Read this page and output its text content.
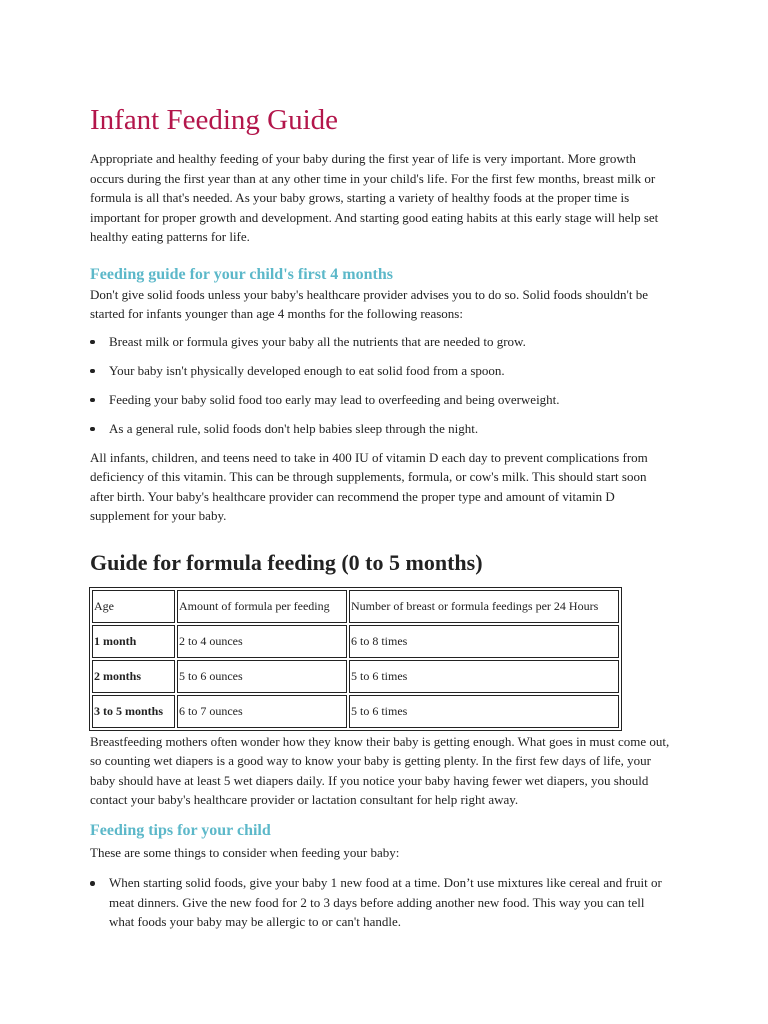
Infant Feeding Guide

Appropriate and healthy feeding of your baby during the first year of life is very important. More growth occurs during the first year than at any other time in your child's life. For the first few months, breast milk or formula is all that's needed. As your baby grows, starting a variety of healthy foods at the proper time is important for proper growth and development. And starting good eating habits at this early stage will help set healthy eating patterns for life.

Feeding guide for your child's first 4 months

Don't give solid foods unless your baby's healthcare provider advises you to do so. Solid foods shouldn't be started for infants younger than age 4 months for the following reasons:

Breast milk or formula gives your baby all the nutrients that are needed to grow.
Your baby isn't physically developed enough to eat solid food from a spoon.
Feeding your baby solid food too early may lead to overfeeding and being overweight.
As a general rule, solid foods don't help babies sleep through the night.

All infants, children, and teens need to take in 400 IU of vitamin D each day to prevent complications from deficiency of this vitamin. This can be through supplements, formula, or cow's milk. This should start soon after birth. Your baby's healthcare provider can recommend the proper type and amount of vitamin D supplement for your baby.

Guide for formula feeding (0 to 5 months)
Age	Amount of formula per feeding	Number of breast or formula feedings per 24 Hours
1 month	2 to 4 ounces	6 to 8 times
2 months	5 to 6 ounces	5 to 6 times
3 to 5 months	6 to 7 ounces	5 to 6 times

Breastfeeding mothers often wonder how they know their baby is getting enough. What goes in must come out, so counting wet diapers is a good way to know your baby is getting plenty. In the first few days of life, your baby should have at least 5 wet diapers daily. If you notice your baby having fewer wet diapers, you should contact your baby's healthcare provider or lactation consultant for help right away.

Feeding tips for your child

These are some things to consider when feeding your baby:

When starting solid foods, give your baby 1 new food at a time. Don’t use mixtures like cereal and fruit or meat dinners. Give the new food for 2 to 3 days before adding another new food. This way you can tell what foods your baby may be allergic to or can't handle.
